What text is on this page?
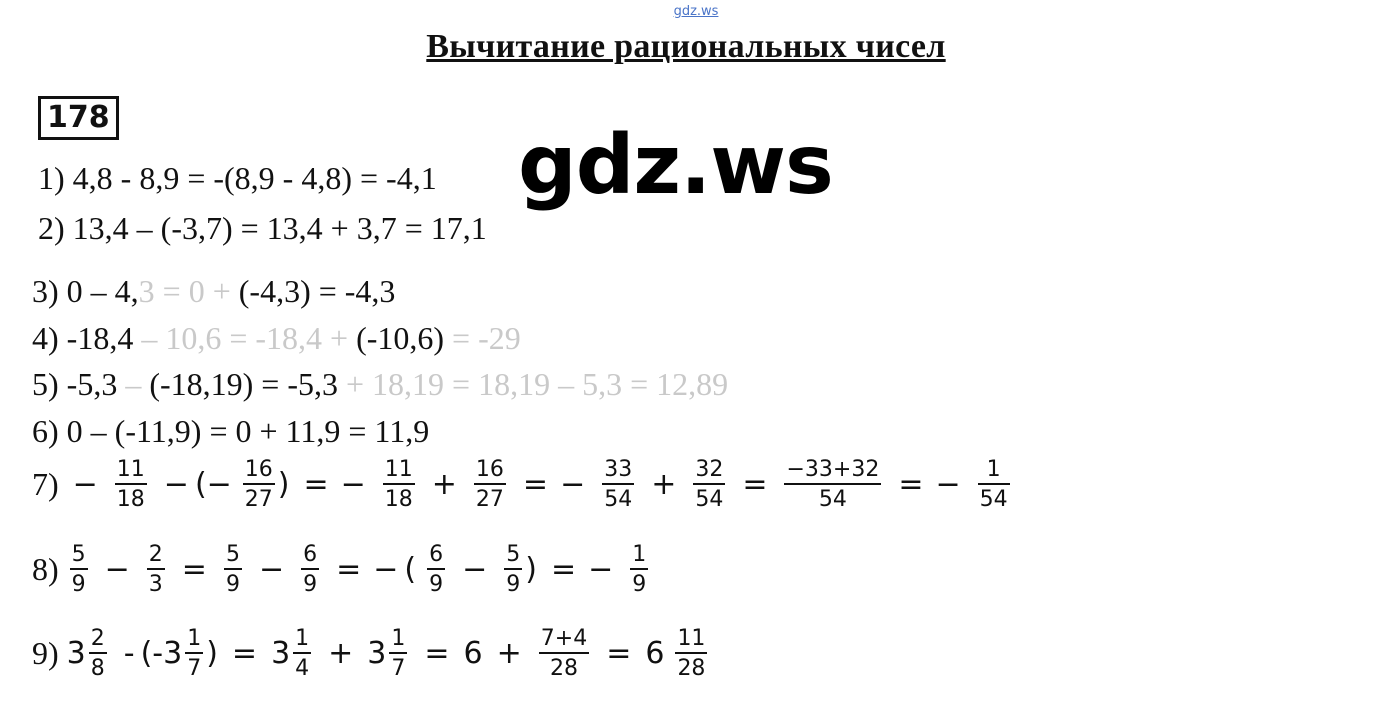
gdz.ws
Вычитание рациональных чисел
178
1) 4,8 - 8,9 = -(8,9 - 4,8) = -4,1 gdz.ws
2) 13,4 – (-3,7) = 13,4 + 3,7 = 17,1
3) 0 – 4,3 = 0 + (-4,3) = -4,3
4) -18,4 – 10,6 = -18,4 + (-10,6) = -29
5) -5,3 – (-18,19) = -5,3 + 18,19 = 18,19 – 5,3 = 12,89
6) 0 – (-11,9) = 0 + 11,9 = 11,9
$7) - \frac{11}{18}$ − (− $\frac{16}{27}$ ) = − $\frac{11}{18} + \frac{16}{27}$ = − $\frac{33}{54} + \frac{32}{54} = \frac{-33+32}{54}$ = − $\frac{1}{54}$
$8) \frac{5}{9} - \frac{2}{3} = \frac{5}{9} - \frac{6}{9}$ = − ( $\frac{6}{9} - \frac{5}{9}$ ) = − $\frac{1}{9}$
9) $3 \frac{2}{8} - (-3 \frac{1}{7}$ ) = $3 \frac{1}{4} + 3 \frac{1}{7} = 6 + \frac{7+4}{28} = 6 \frac{11}{28}$
